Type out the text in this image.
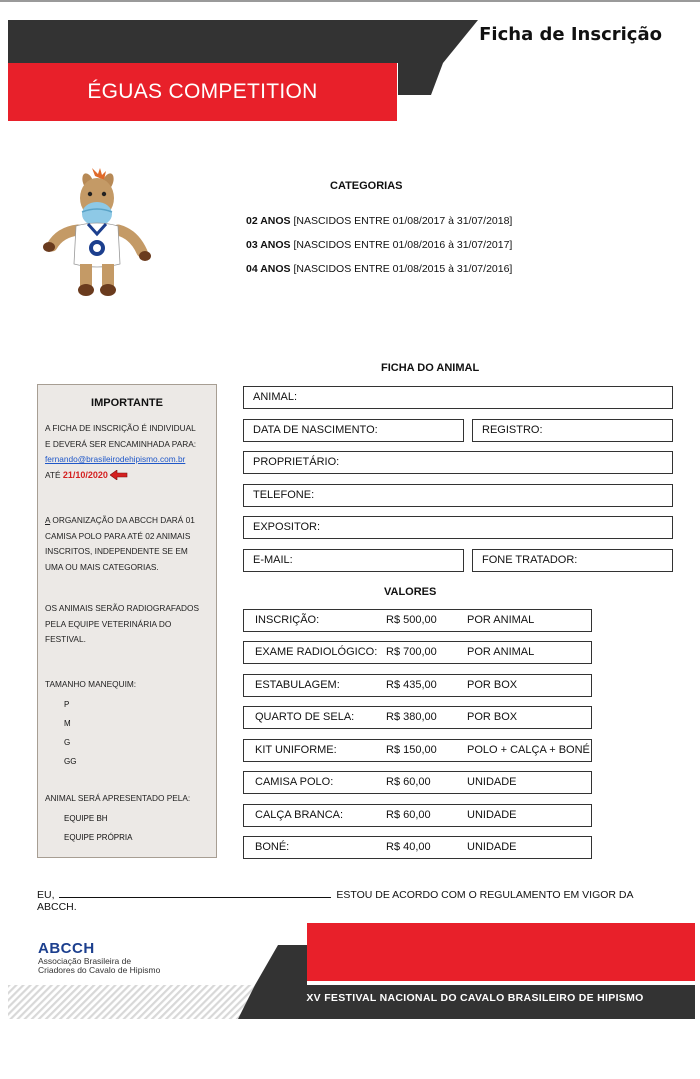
Ficha de Inscrição
ÉGUAS COMPETITION
CATEGORIAS
02 ANOS [NASCIDOS ENTRE 01/08/2017 à 31/07/2018]
03 ANOS [NASCIDOS ENTRE 01/08/2016 à 31/07/2017]
04 ANOS [NASCIDOS ENTRE 01/08/2015 à 31/07/2016]
IMPORTANTE
A FICHA DE INSCRIÇÃO É INDIVIDUAL
E DEVERÁ SER ENCAMINHADA PARA:
fernando@brasileirodehipismo.com.br
ATÉ 21/10/2020
A ORGANIZAÇÃO DA ABCCH DARÁ 01
CAMISA POLO PARA ATÉ 02 ANIMAIS
INSCRITOS, INDEPENDENTE SE EM
UMA OU MAIS CATEGORIAS.
OS ANIMAIS SERÃO RADIOGRAFADOS
PELA EQUIPE VETERINÁRIA DO
FESTIVAL.
TAMANHO MANEQUIM:
P
M
G
GG
ANIMAL SERÁ APRESENTADO PELA:
EQUIPE BH
EQUIPE PRÓPRIA
FICHA DO ANIMAL
ANIMAL:
DATA DE NASCIMENTO:	REGISTRO:
PROPRIETÁRIO:
TELEFONE:
EXPOSITOR:
E-MAIL:	FONE TRATADOR:
VALORES
INSCRIÇÃO:	R$ 500,00	POR ANIMAL
EXAME RADIOLÓGICO: R$ 700,00	POR ANIMAL
ESTABULAGEM:	R$ 435,00	POR BOX
QUARTO DE SELA:	R$ 380,00	POR BOX
KIT UNIFORME:	R$ 150,00	POLO + CALÇA + BONÉ
CAMISA POLO:	R$ 60,00	UNIDADE
CALÇA BRANCA:	R$ 60,00	UNIDADE
BONÉ:	R$ 40,00	UNIDADE
EU,	ESTOU DE ACORDO COM O REGULAMENTO EM VIGOR DA ABCCH.
ABCCH
Associação Brasileira de
Criadores do Cavalo de Hipismo
XV FESTIVAL NACIONAL DO CAVALO BRASILEIRO DE HIPISMO
